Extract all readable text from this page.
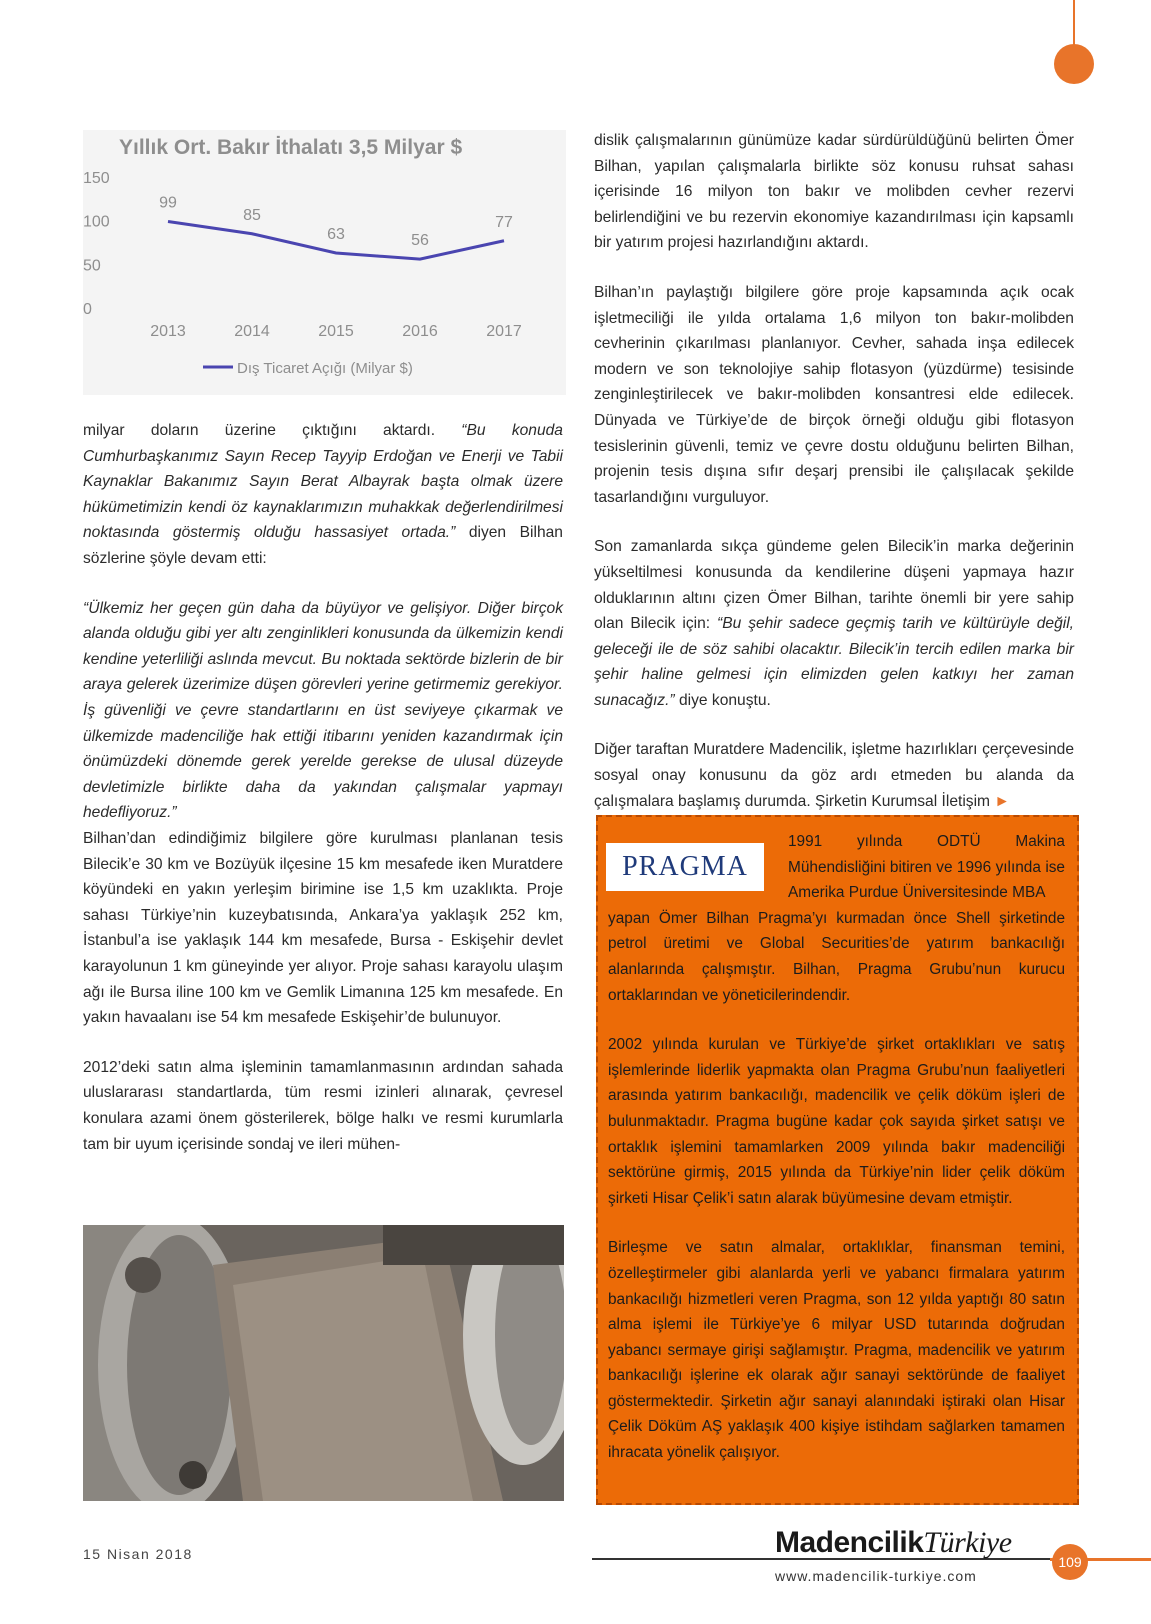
Yıllık Ort. Bakır İthalatı 3,5 Milyar $
150
100
50
0
2013	2014	2015	2016	2017
99
85
63	56
77
Dış Ticaret Açığı (Milyar $)

milyar doların üzerine çıktığını aktardı. “Bu konuda Cumhurbaşkanımız Sayın Recep Tayyip Erdoğan ve Enerji ve Tabii Kaynaklar Bakanımız Sayın Berat Albayrak başta olmak üzere hükümetimizin kendi öz kaynaklarımızın muhakkak değerlendirilmesi noktasında göstermiş olduğu hassasiyet ortada.” diyen Bilhan sözlerine şöyle devam etti:

“Ülkemiz her geçen gün daha da büyüyor ve gelişiyor. Diğer birçok alanda olduğu gibi yer altı zenginlikleri konusunda da ülkemizin kendi kendine yeterliliği aslında mevcut. Bu noktada sektörde bizlerin de bir araya gelerek üzerimize düşen görevleri yerine getirmemiz gerekiyor. İş güvenliği ve çevre standartlarını en üst seviyeye çıkarmak ve ülkemizde madenciliğe hak ettiği itibarını yeniden kazandırmak için önümüzdeki dönemde gerek yerelde gerekse de ulusal düzeyde devletimizle birlikte daha da yakından çalışmalar yapmayı hedefliyoruz.”

Bilhan’dan edindiğimiz bilgilere göre kurulması planlanan tesis Bilecik’e 30 km ve Bozüyük ilçesine 15 km mesafede iken Muratdere köyündeki en yakın yerleşim birimine ise 1,5 km uzaklıkta. Proje sahası Türkiye’nin kuzeybatısında, Ankara’ya yaklaşık 252 km, İstanbul’a ise yaklaşık 144 km mesafede, Bursa - Eskişehir devlet karayolunun 1 km güneyinde yer alıyor. Proje sahası karayolu ulaşım ağı ile Bursa iline 100 km ve Gemlik Limanına 125 km mesafede. En yakın havaalanı ise 54 km mesafede Eskişehir’de bulunuyor.

2012’deki satın alma işleminin tamamlanmasının ardından sahada uluslararası standartlarda, tüm resmi izinleri alınarak, çevresel konulara azami önem gösterilerek, bölge halkı ve resmi kurumlarla tam bir uyum içerisinde sondaj ve ileri mühen-

dislik çalışmalarının günümüze kadar sürdürüldüğünü belirten Ömer Bilhan, yapılan çalışmalarla birlikte söz konusu ruhsat sahası içerisinde 16 milyon ton bakır ve molibden cevher rezervi belirlendiğini ve bu rezervin ekonomiye kazandırılması için kapsamlı bir yatırım projesi hazırlandığını aktardı.

Bilhan’ın paylaştığı bilgilere göre proje kapsamında açık ocak işletmeciliği ile yılda ortalama 1,6 milyon ton bakır-molibden cevherinin çıkarılması planlanıyor. Cevher, sahada inşa edilecek modern ve son teknolojiye sahip flotasyon (yüzdürme) tesisinde zenginleştirilecek ve bakır-molibden konsantresi elde edilecek. Dünyada ve Türkiye’de de birçok örneği olduğu gibi flotasyon tesislerinin güvenli, temiz ve çevre dostu olduğunu belirten Bilhan, projenin tesis dışına sıfır deşarj prensibi ile çalışılacak şekilde tasarlandığını vurguluyor.

Son zamanlarda sıkça gündeme gelen Bilecik’in marka değerinin yükseltilmesi konusunda da kendilerine düşeni yapmaya hazır olduklarının altını çizen Ömer Bilhan, tarihte önemli bir yere sahip olan Bilecik için: “Bu şehir sadece geçmiş tarih ve kültürüyle değil, geleceği ile de söz sahibi olacaktır. Bilecik’in tercih edilen marka bir şehir haline gelmesi için elimizden gelen katkıyı her zaman sunacağız.” diye konuştu.

Diğer taraftan Muratdere Madencilik, işletme hazırlıkları çerçevesinde sosyal onay konusunu da göz ardı etmeden bu alanda da çalışmalara başlamış durumda. Şirketin Kurumsal İletişim ►

PRAGMA
1991 yılında ODTÜ Makina Mühendisliğini bitiren ve 1996 yılında ise Amerika Purdue Üniversitesinde MBA

yapan Ömer Bilhan Pragma’yı kurmadan önce Shell şirketinde petrol üretimi ve Global Securities’de yatırım bankacılığı alanlarında çalışmıştır. Bilhan, Pragma Grubu’nun kurucu ortaklarından ve yöneticilerindendir.

2002 yılında kurulan ve Türkiye’de şirket ortaklıkları ve satış işlemlerinde liderlik yapmakta olan Pragma Grubu’nun faaliyetleri arasında yatırım bankacılığı, madencilik ve çelik döküm işleri de bulunmaktadır. Pragma bugüne kadar çok sayıda şirket satışı ve ortaklık işlemini tamamlarken 2009 yılında bakır madenciliği sektörüne girmiş, 2015 yılında da Türkiye’nin lider çelik döküm şirketi Hisar Çelik’i satın alarak büyümesine devam etmiştir.

Birleşme ve satın almalar, ortaklıklar, finansman temini, özelleştirmeler gibi alanlarda yerli ve yabancı firmalara yatırım bankacılığı hizmetleri veren Pragma, son 12 yılda yaptığı 80 satın alma işlemi ile Türkiye’ye 6 milyar USD tutarında doğrudan yabancı sermaye girişi sağlamıştır. Pragma, madencilik ve yatırım bankacılığı işlerine ek olarak ağır sanayi sektöründe de faaliyet göstermektedir. Şirketin ağır sanayi alanındaki iştiraki olan Hisar Çelik Döküm AŞ yaklaşık 400 kişiye istihdam sağlarken tamamen ihracata yönelik çalışıyor.

15 Nisan 2018	MadencilikTürkiye
www.madencilik-turkiye.com
109
